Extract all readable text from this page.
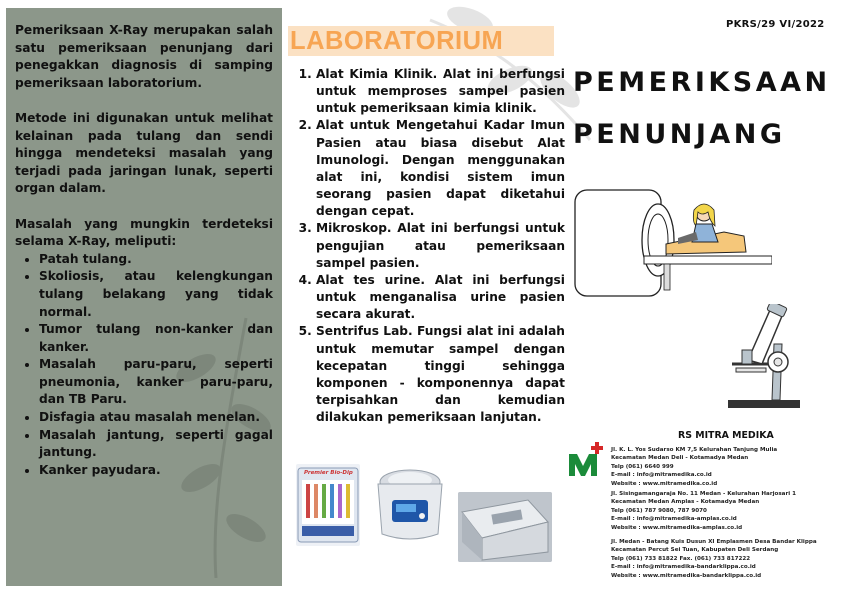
Pemeriksaan X-Ray merupakan salah satu pemeriksaan penunjang dari penegakkan diagnosis di samping pemeriksaan laboratorium.

Metode ini digunakan untuk melihat kelainan pada tulang dan sendi hingga mendeteksi masalah yang terjadi pada jaringan lunak, seperti organ dalam.

Masalah yang mungkin terdeteksi selama X-Ray, meliputi:

• Patah tulang.
• Skoliosis, atau kelengkungan tulang belakang yang tidak normal.
• Tumor tulang non-kanker dan kanker.
• Masalah paru-paru, seperti pneumonia, kanker paru-paru, dan TB Paru.
• Disfagia atau masalah menelan.
• Masalah jantung, seperti gagal jantung.
• Kanker payudara.
LABORATORIUM
1. Alat Kimia Klinik. Alat ini berfungsi untuk memproses sampel pasien untuk pemeriksaan kimia klinik.
2. Alat untuk Mengetahui Kadar Imun Pasien atau biasa disebut Alat Imunologi. Dengan menggunakan alat ini, kondisi sistem imun seorang pasien dapat diketahui dengan cepat.
3. Mikroskop. Alat ini berfungsi untuk pengujian atau pemeriksaan sampel pasien.
4. Alat tes urine. Alat ini berfungsi untuk menganalisa urine pasien secara akurat.
5. Sentrifus Lab. Fungsi alat ini adalah untuk memutar sampel dengan kecepatan tinggi sehingga komponen - komponennya dapat terpisahkan dan kemudian dilakukan pemeriksaan lanjutan.
Premier Bio-Dip
PKRS/29 VI/2022
PEMERIKSAAN
PENUNJANG
RS MITRA MEDIKA
Jl. K. L. Yos Sudarso KM 7,5 Kelurahan Tanjung Mulia
Kecamatan Medan Deli - Kotamadya Medan
Telp (061) 6640 999
E-mail : info@mitramedika.co.id
Website : www.mitramedika.co.id
Jl. Sisingamangaraja No. 11 Medan - Kelurahan Harjosari 1
Kecamatan Medan Amplas - Kotamadya Medan
Telp (061) 787 9080, 787 9070
E-mail : info@mitramedika-amplas.co.id
Website : www.mitramedika-amplas.co.id
Jl. Medan - Batang Kuis Dusun XI Emplasmen Desa Bandar Klippa
Kecamatan Percut Sei Tuan, Kabupaten Deli Serdang
Telp (061) 733 81822 Fax. (061) 733 817222
E-mail : info@mitramedika-bandarklippa.co.id
Website : www.mitramedika-bandarklippa.co.id
